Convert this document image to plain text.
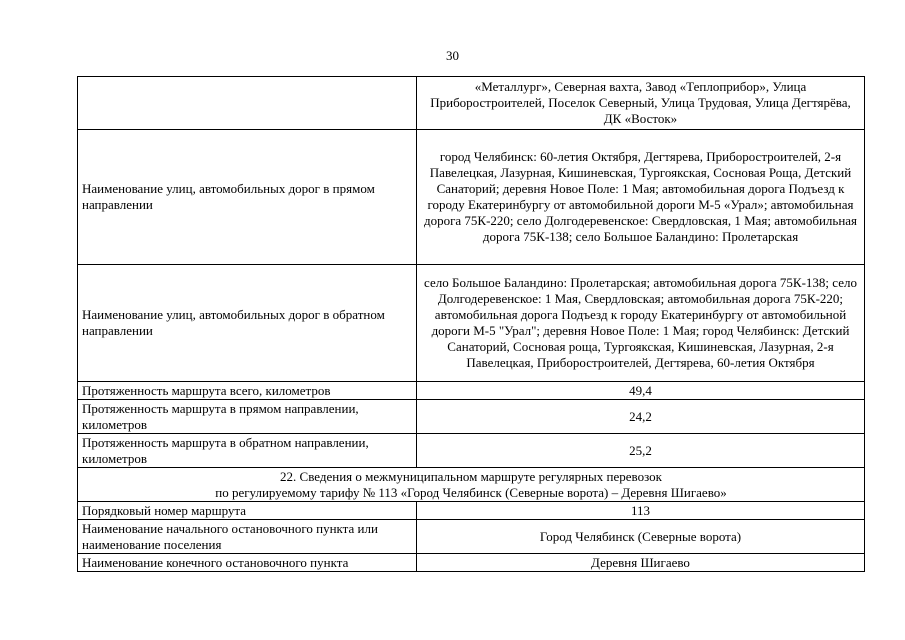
30
	«Металлург», Северная вахта, Завод «Теплоприбор», Улица Приборостроителей, Поселок Северный, Улица Трудовая, Улица Дегтярёва, ДК «Восток»
Наименование улиц, автомобильных дорог в прямом направлении	город Челябинск: 60-летия Октября, Дегтярева, Приборостроителей, 2-я Павелецкая, Лазурная, Кишиневская, Тургоякская, Сосновая Роща, Детский Санаторий; деревня Новое Поле: 1 Мая; автомобильная дорога Подъезд к городу Екатеринбургу от автомобильной дороги М-5 «Урал»; автомобильная дорога 75К-220; село Долгодеревенское: Свердловская, 1 Мая; автомобильная дорога 75К-138; село Большое Баландино: Пролетарская
Наименование улиц, автомобильных дорог в обратном направлении	село Большое Баландино: Пролетарская; автомобильная дорога 75К-138; село Долгодеревенское: 1 Мая, Свердловская; автомобильная дорога 75К-220; автомобильная дорога Подъезд к городу Екатеринбургу от автомобильной дороги М-5 "Урал"; деревня Новое Поле: 1 Мая; город Челябинск: Детский Санаторий, Сосновая роща, Тургоякская, Кишиневская, Лазурная, 2-я Павелецкая, Приборостроителей, Дегтярева, 60-летия Октября
Протяженность маршрута всего, километров	49,4
Протяженность маршрута в прямом направлении, километров	24,2
Протяженность маршрута в обратном направлении, километров	25,2

22. Сведения о межмуниципальном маршруте регулярных перевозок
по регулируемому тарифу № 113 «Город Челябинск (Северные ворота) – Деревня Шигаево»	

Порядковый номер маршрута	113
Наименование начального остановочного пункта или наименование поселения	Город Челябинск (Северные ворота)
Наименование конечного остановочного пункта	Деревня Шигаево
